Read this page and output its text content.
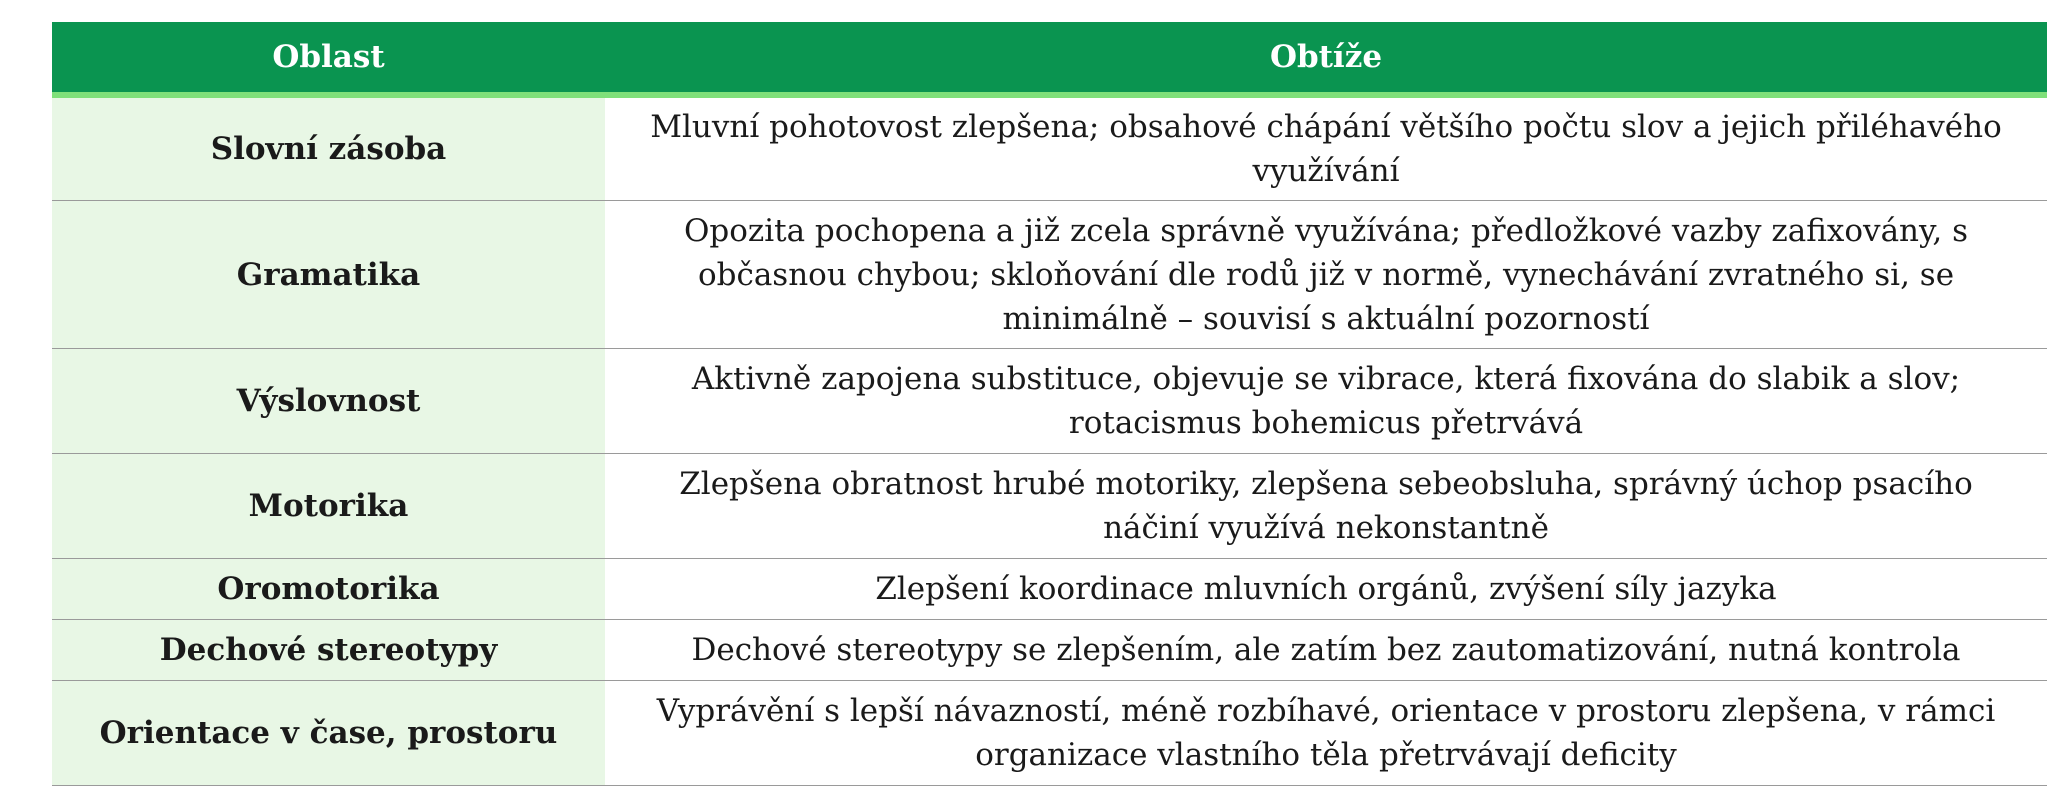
Oblast	Obtíže
Slovní zásoba	Mluvní pohotovost zlepšena; obsahové chápání většího počtu slov a jejich přiléhavého využívání
Gramatika	Opozita pochopena a již zcela správně využívána; předložkové vazby zafixovány, s občasnou chybou; skloňování dle rodů již v normě, vynechávání zvratného si, se minimálně – souvisí s aktuální pozorností
Výslovnost	Aktivně zapojena substituce, objevuje se vibrace, která fixována do slabik a slov; rotacismus bohemicus přetrvává
Motorika	Zlepšena obratnost hrubé motoriky, zlepšena sebeobsluha, správný úchop psacího náčiní využívá nekonstantně
Oromotorika	Zlepšení koordinace mluvních orgánů, zvýšení síly jazyka
Dechové stereotypy	Dechové stereotypy se zlepšením, ale zatím bez zautomatizování, nutná kontrola
Orientace v čase, prostoru	Vyprávění s lepší návazností, méně rozbíhavé, orientace v prostoru zlepšena, v rámci organizace vlastního těla přetrvávají deficity
